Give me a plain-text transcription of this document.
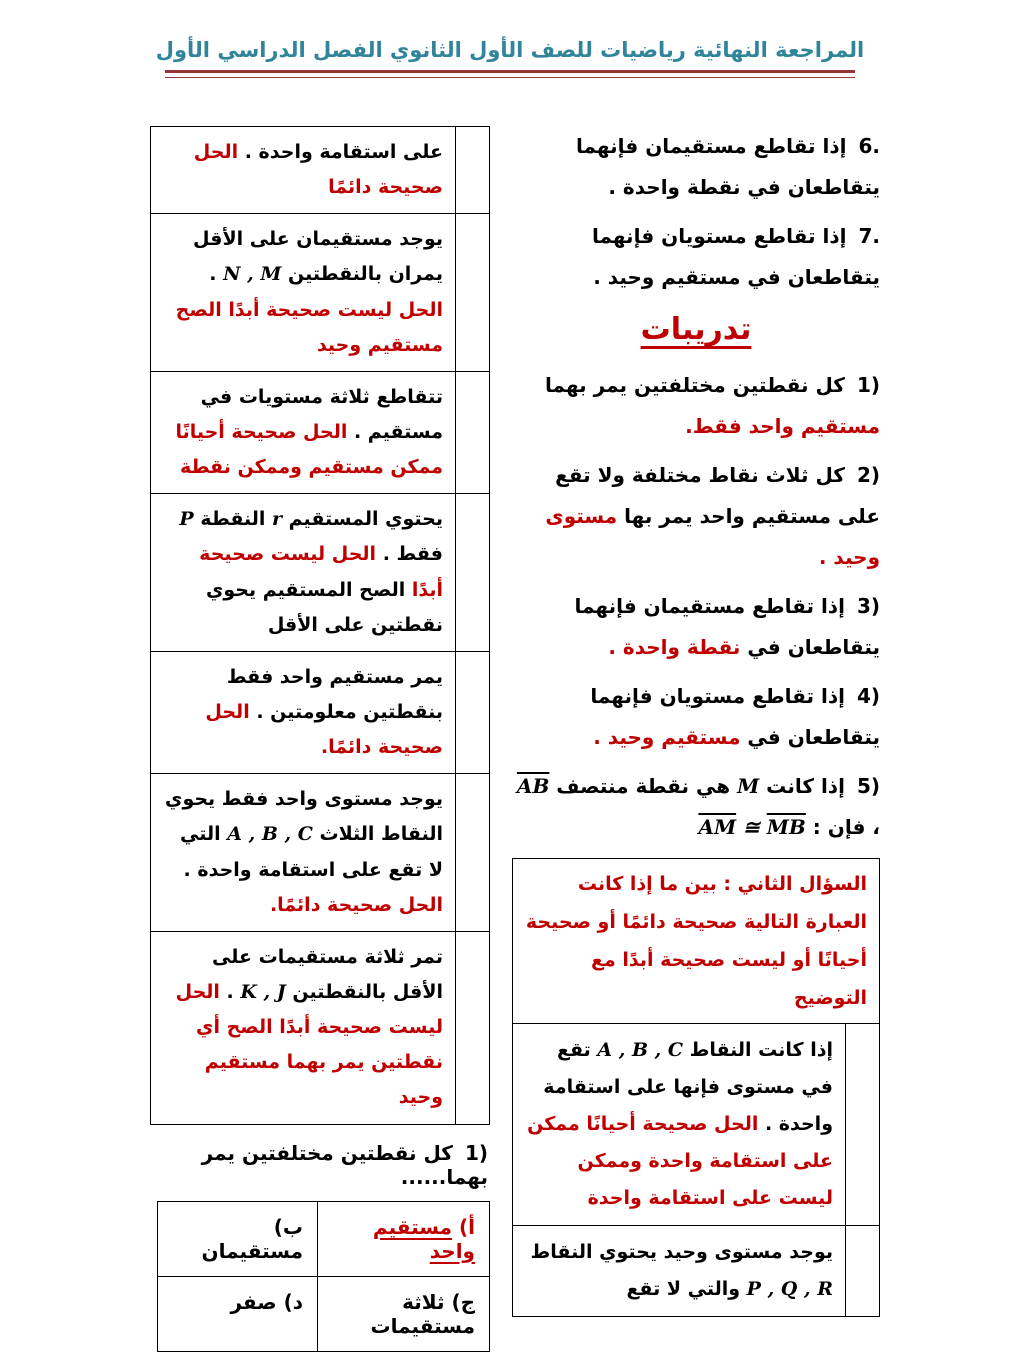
المراجعة النهائية رياضيات للصف الأول الثانوي الفصل الدراسي الأول

6.إذا تقاطع مستقيمان فإنهما يتقاطعان في نقطة واحدة .

7.إذا تقاطع مستويان فإنهما يتقاطعان في مستقيم وحيد .

تدريبات

1)كل نقطتين مختلفتين يمر بهما مستقيم واحد فقط.

2)كل ثلاث نقاط مختلفة ولا تقع على مستقيم واحد يمر بها مستوى وحيد .

3)إذا تقاطع مستقيمان فإنهما يتقاطعان في نقطة واحدة .

4)إذا تقاطع مستويان فإنهما يتقاطعان في مستقيم وحيد .

5)إذا كانت M هي نقطة منتصف $\overline{AB}$ ، فإن : $\overline{AM}$ ≅ $\overline{MB}$

السؤال الثاني : بين ما إذا كانت العبارة التالية صحيحة دائمًا أو صحيحة أحيانًا أو ليست صحيحة أبدًا مع التوضيح
إذا كانت النقاط A , B , C تقع في مستوى فإنها على استقامة واحدة . الحل صحيحة أحيانًا ممكن على استقامة واحدة وممكن ليست على استقامة واحدة
يوجد مستوى وحيد يحتوي النقاط P , Q , R والتي لا تقع
على استقامة واحدة . الحل صحيحة دائمًا
يوجد مستقيمان على الأقل يمران بالنقطتين N , M . الحل ليست صحيحة أبدًا الصح مستقيم وحيد
تتقاطع ثلاثة مستويات في مستقيم . الحل صحيحة أحيانًا ممكن مستقيم وممكن نقطة
يحتوي المستقيم r النقطة P فقط . الحل ليست صحيحة أبدًا الصح المستقيم يحوي نقطتين على الأقل
يمر مستقيم واحد فقط بنقطتين معلومتين . الحل صحيحة دائمًا.
يوجد مستوى واحد فقط يحوي النقاط الثلاث A , B , C التي لا تقع على استقامة واحدة . الحل صحيحة دائمًا.
تمر ثلاثة مستقيمات على الأقل بالنقطتين K , J . الحل ليست صحيحة أبدًا الصح أي نقطتين يمر بهما مستقيم وحيد

1)كل نقطتين مختلفتين يمر بهما......

أ) مستقيم واحد
ب) مستقيمان
ج) ثلاثة مستقيمات
د) صفر
